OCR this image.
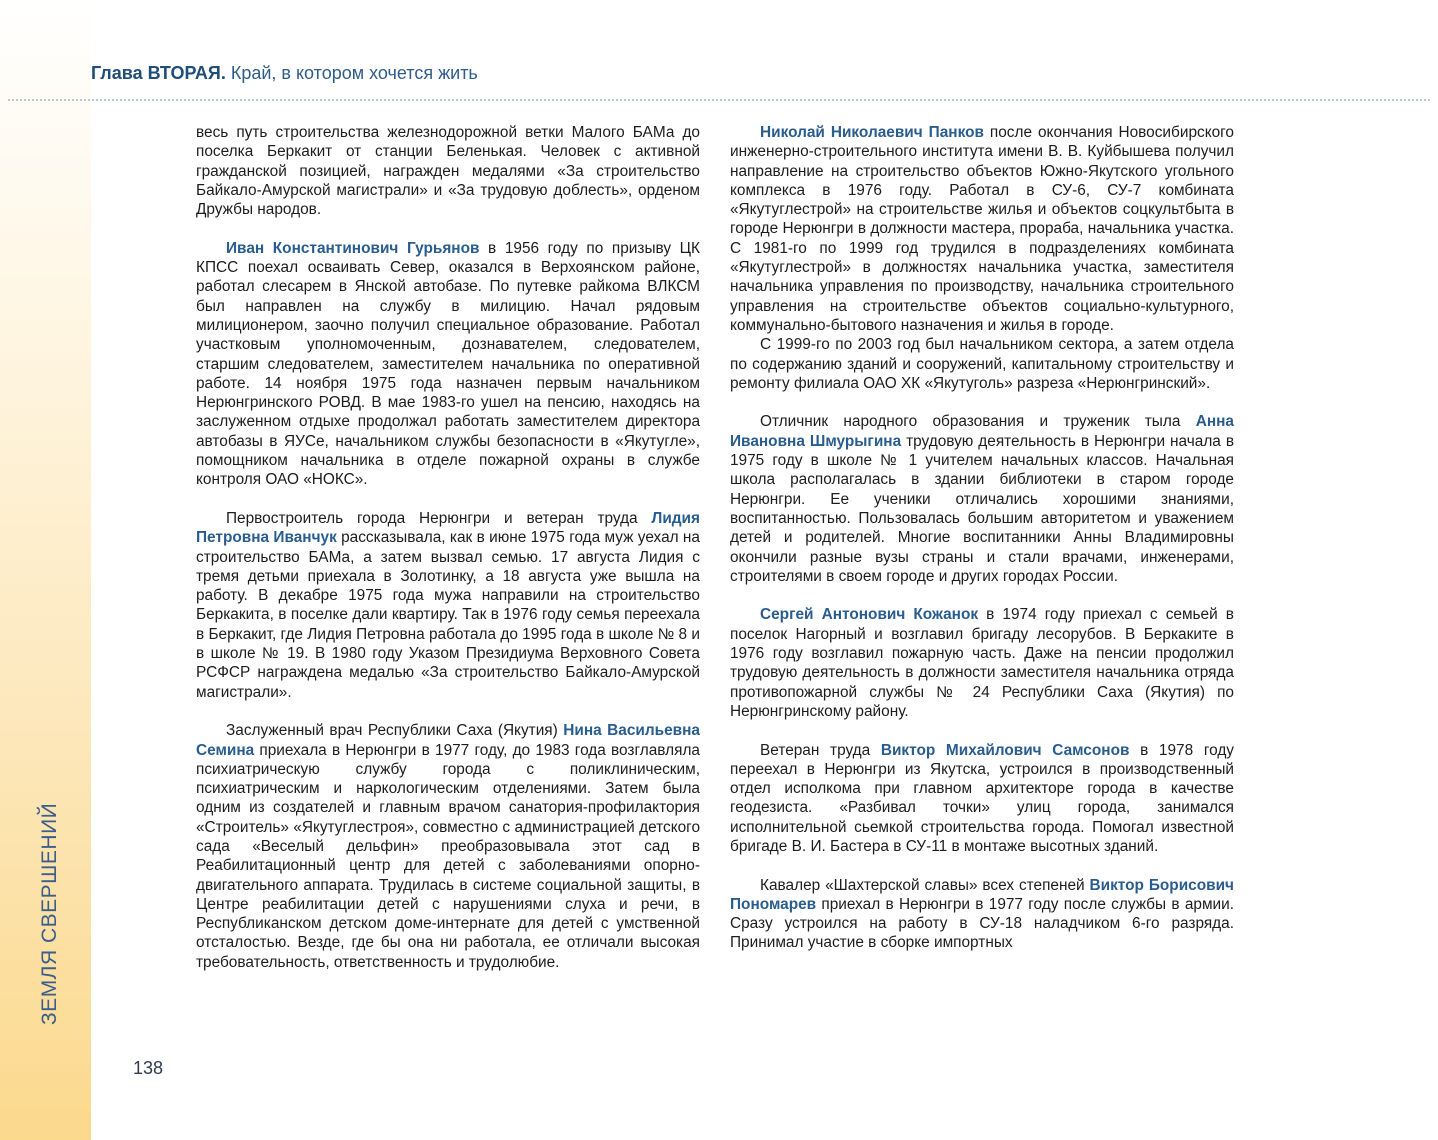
ЗЕМЛЯ СВЕРШЕНИЙ
138
Глава ВТОРАЯ. Край, в котором хочется жить

весь путь строительства железнодорожной ветки Малого БАМа до поселка Беркакит от станции Беленькая. Человек с активной гражданской позицией, награжден медалями «За строительство Байкало-Амурской магистрали» и «За трудовую доблесть», орденом Дружбы народов.

Иван Константинович Гурьянов в 1956 году по призыву ЦК КПСС поехал осваивать Север, оказался в Верхоянском районе, работал слесарем в Янской автобазе. По путевке райкома ВЛКСМ был направлен на службу в милицию. Начал рядовым милиционером, заочно получил специальное образование. Работал участковым уполномоченным, дознавателем, следователем, старшим следователем, заместителем начальника по оперативной работе. 14 ноября 1975 года назначен первым начальником Нерюнгринского РОВД. В мае 1983-го ушел на пенсию, находясь на заслуженном отдыхе продолжал работать заместителем директора автобазы в ЯУСе, начальником службы безопасности в «Якутугле», помощником начальника в отделе пожарной охраны в службе контроля ОАО «НОКС».

Первостроитель города Нерюнгри и ветеран труда Лидия Петровна Иванчук рассказывала, как в июне 1975 года муж уехал на строительство БАМа, а затем вызвал семью. 17 августа Лидия с тремя детьми приехала в Золотинку, а 18 августа уже вышла на работу. В декабре 1975 года мужа направили на строительство Беркакита, в поселке дали квартиру. Так в 1976 году семья переехала в Беркакит, где Лидия Петровна работала до 1995 года в школе № 8 и в школе № 19. В 1980 году Указом Президиума Верховного Совета РСФСР награждена медалью «За строительство Байкало-Амурской магистрали».

Заслуженный врач Республики Саха (Якутия) Нина Васильевна Семина приехала в Нерюнгри в 1977 году, до 1983 года возглавляла психиатрическую службу города с поликлиническим, психиатрическим и наркологическим отделениями. Затем была одним из создателей и главным врачом санатория-профилактория «Строитель» «Якутуглестроя», совместно с администрацией детского сада «Веселый дельфин» преобразовывала этот сад в Реабилитационный центр для детей с заболеваниями опорно-двигательного аппарата. Трудилась в системе социальной защиты, в Центре реабилитации детей с нарушениями слуха и речи, в Республиканском детском доме-интернате для детей с умственной отсталостью. Везде, где бы она ни работала, ее отличали высокая требовательность, ответственность и трудолюбие.

Николай Николаевич Панков после окончания Новосибирского инженерно-строительного института имени В. В. Куйбышева получил направление на строительство объектов Южно-Якутского угольного комплекса в 1976 году. Работал в СУ-6, СУ-7 комбината «Якутуглестрой» на строительстве жилья и объектов соцкультбыта в городе Нерюнгри в должности мастера, прораба, начальника участка. С 1981-го по 1999 год трудился в подразделениях комбината «Якутуглестрой» в должностях начальника участка, заместителя начальника управления по производству, начальника строительного управления на строительстве объектов социально-культурного, коммунально-бытового назначения и жилья в городе.

С 1999-го по 2003 год был начальником сектора, а затем отдела по содержанию зданий и сооружений, капитальному строительству и ремонту филиала ОАО ХК «Якутуголь» разреза «Нерюнгринский».

Отличник народного образования и труженик тыла Анна Ивановна Шмурыгина трудовую деятельность в Нерюнгри начала в 1975 году в школе № 1 учителем начальных классов. Начальная школа располагалась в здании библиотеки в старом городе Нерюнгри. Ее ученики отличались хорошими знаниями, воспитанностью. Пользовалась большим авторитетом и уважением детей и родителей. Многие воспитанники Анны Владимировны окончили разные вузы страны и стали врачами, инженерами, строителями в своем городе и других городах России.

Сергей Антонович Кожанок в 1974 году приехал с семьей в поселок Нагорный и возглавил бригаду лесорубов. В Беркаките в 1976 году возглавил пожарную часть. Даже на пенсии продолжил трудовую деятельность в должности заместителя начальника отряда противопожарной службы № 24 Республики Саха (Якутия) по Нерюнгринскому району.

Ветеран труда Виктор Михайлович Самсонов в 1978 году переехал в Нерюнгри из Якутска, устроился в производственный отдел исполкома при главном архитекторе города в качестве геодезиста. «Разбивал точки» улиц города, занимался исполнительной сьемкой строительства города. Помогал известной бригаде В. И. Бастера в СУ-11 в монтаже высотных зданий.

Кавалер «Шахтерской славы» всех степеней Виктор Борисович Пономарев приехал в Нерюнгри в 1977 году после службы в армии. Сразу устроился на работу в СУ-18 наладчиком 6-го разряда. Принимал участие в сборке импортных
